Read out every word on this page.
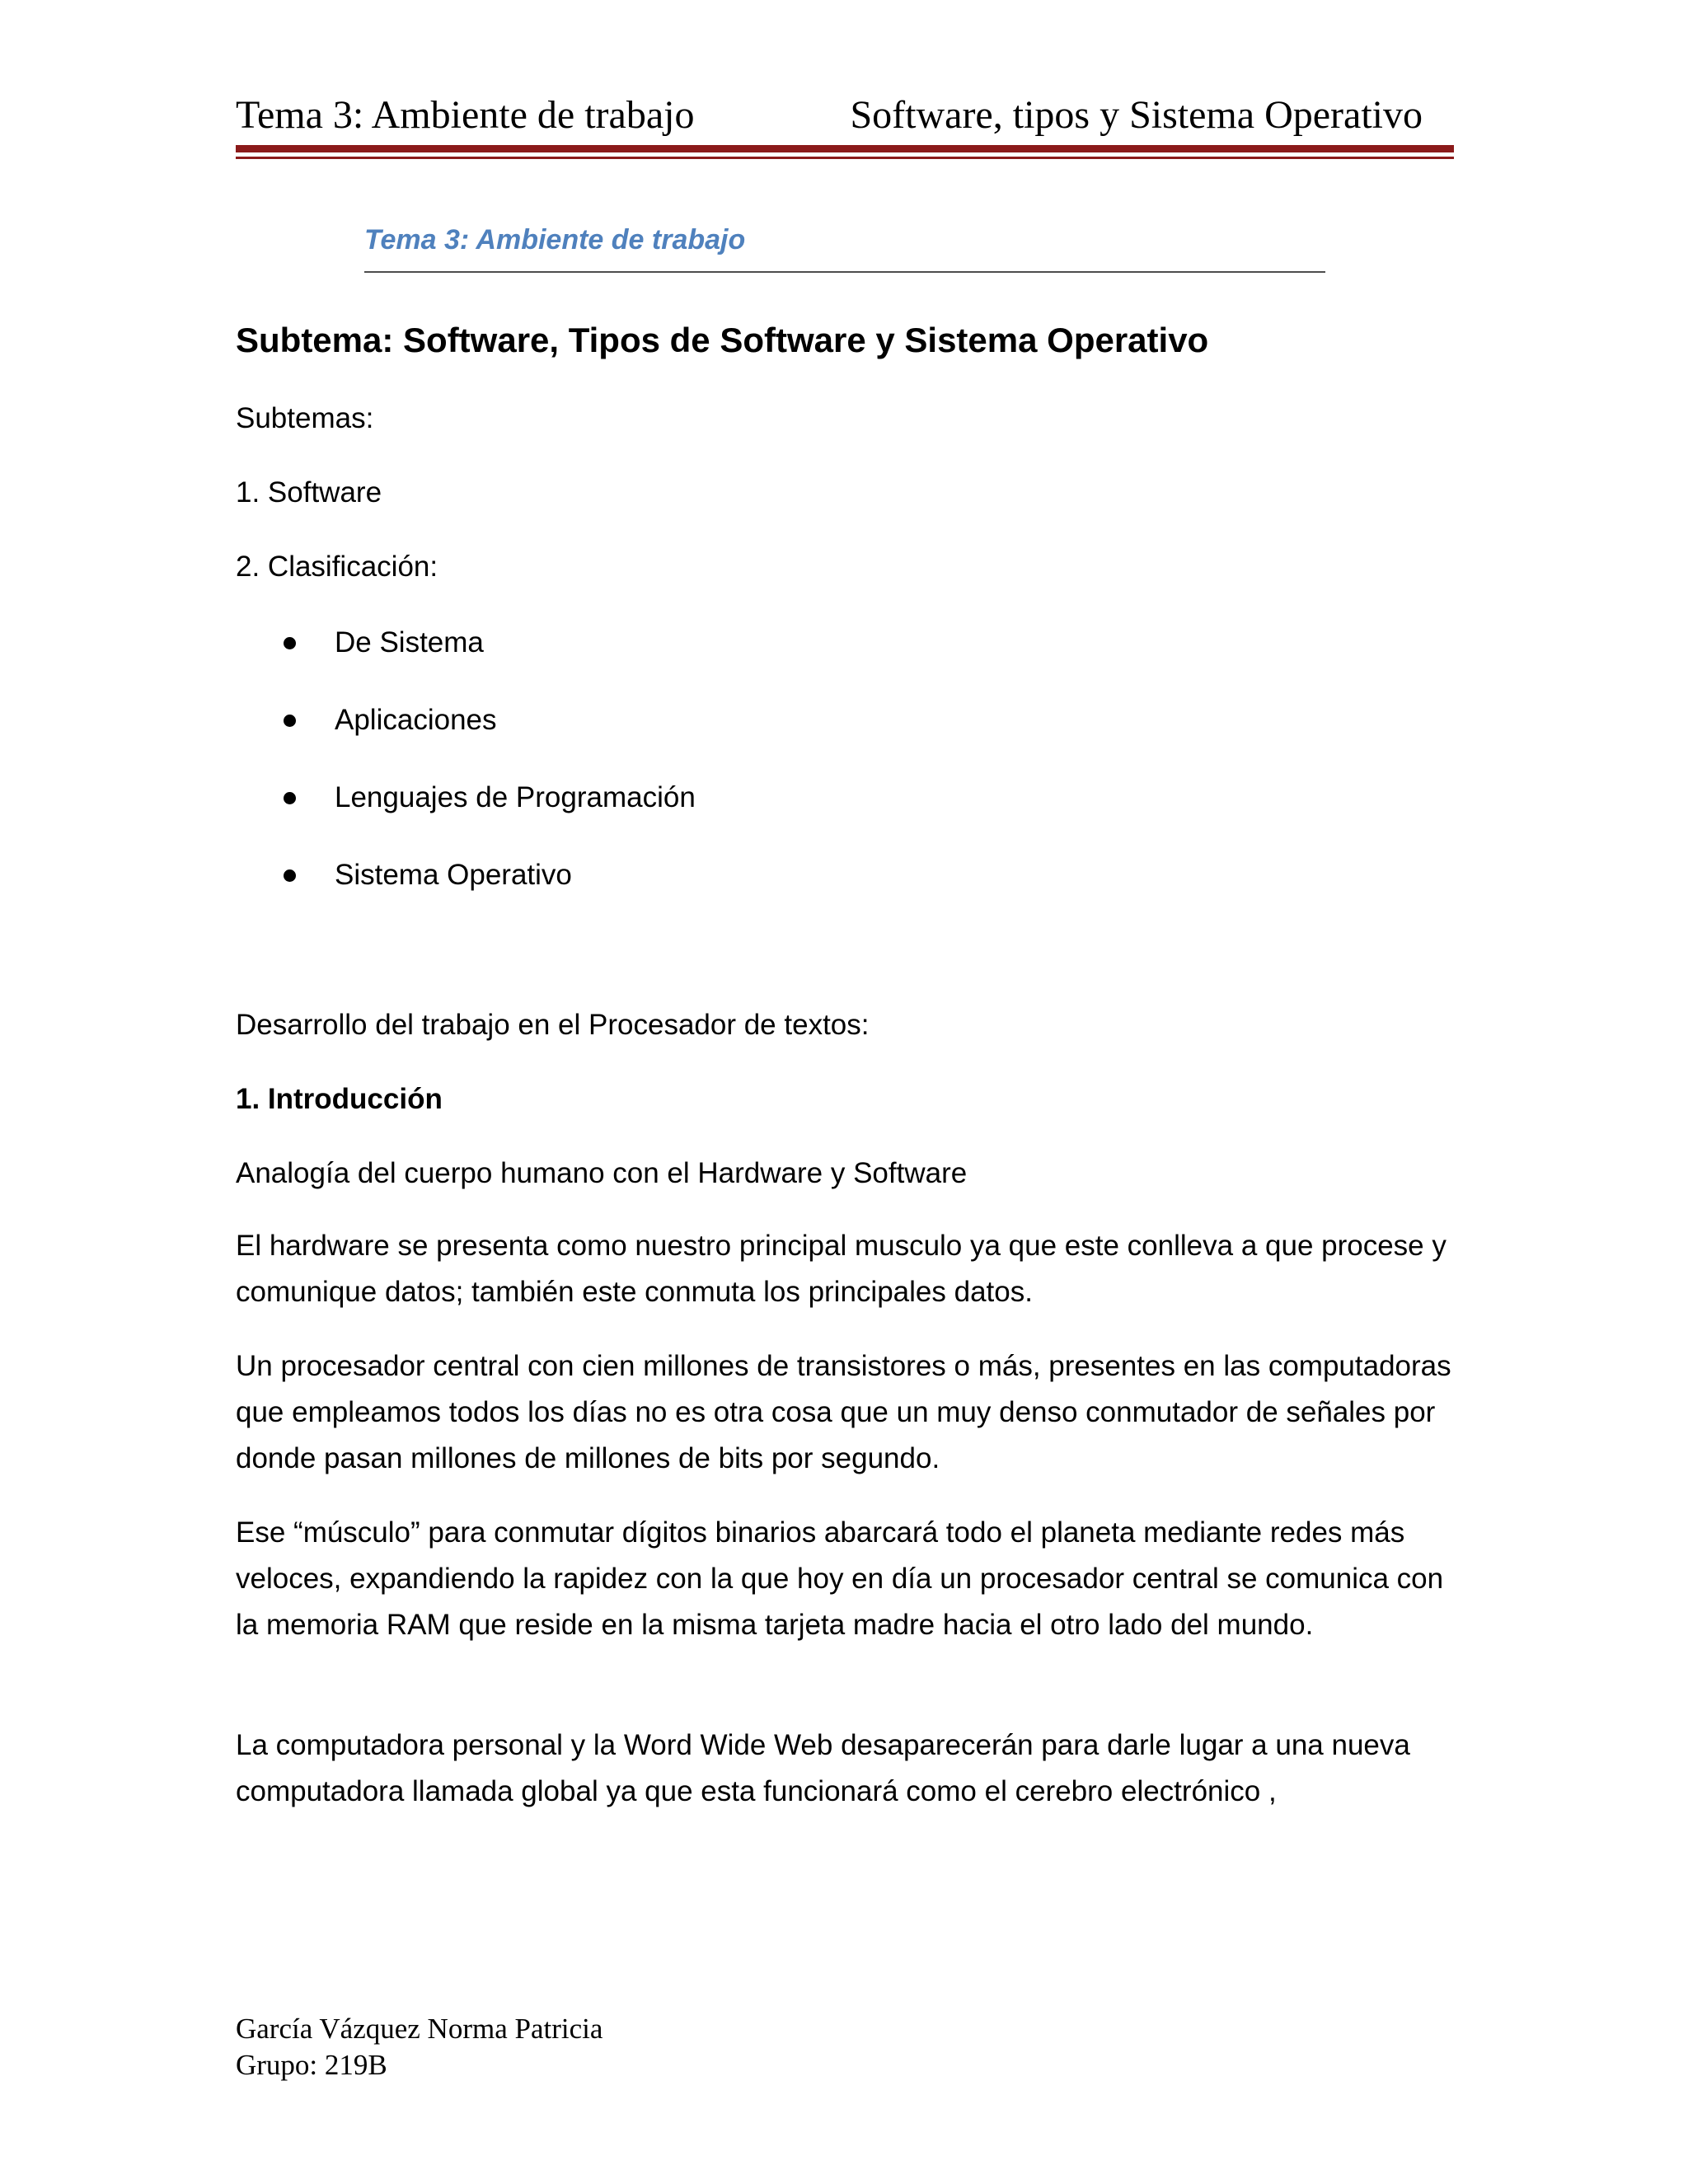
Tema 3: Ambiente de trabajo	Software, tipos y Sistema Operativo
Tema 3: Ambiente de trabajo
Subtema: Software, Tipos de Software y Sistema Operativo
Subtemas:
1. Software
2. Clasificación:
De Sistema
Aplicaciones
Lenguajes de Programación
Sistema Operativo
Desarrollo del trabajo en el Procesador de textos:
1. Introducción
Analogía del cuerpo humano con el Hardware y Software
El hardware se presenta como nuestro principal musculo ya que este conlleva a que procese y comunique datos; también este conmuta los principales datos.
Un procesador central con cien millones de transistores o más, presentes en las computadoras que empleamos todos los días no es otra cosa que un muy denso conmutador de señales por donde pasan millones de millones de bits por segundo.
Ese “músculo” para conmutar dígitos binarios abarcará todo el planeta mediante redes más veloces, expandiendo la rapidez con la que hoy en día un procesador central se comunica con la memoria RAM que reside en la misma tarjeta madre hacia el otro lado del mundo.
La computadora personal y la Word Wide Web desaparecerán para darle lugar a una nueva computadora llamada global ya que esta funcionará como el cerebro electrónico ,
García Vázquez Norma Patricia
Grupo: 219B
